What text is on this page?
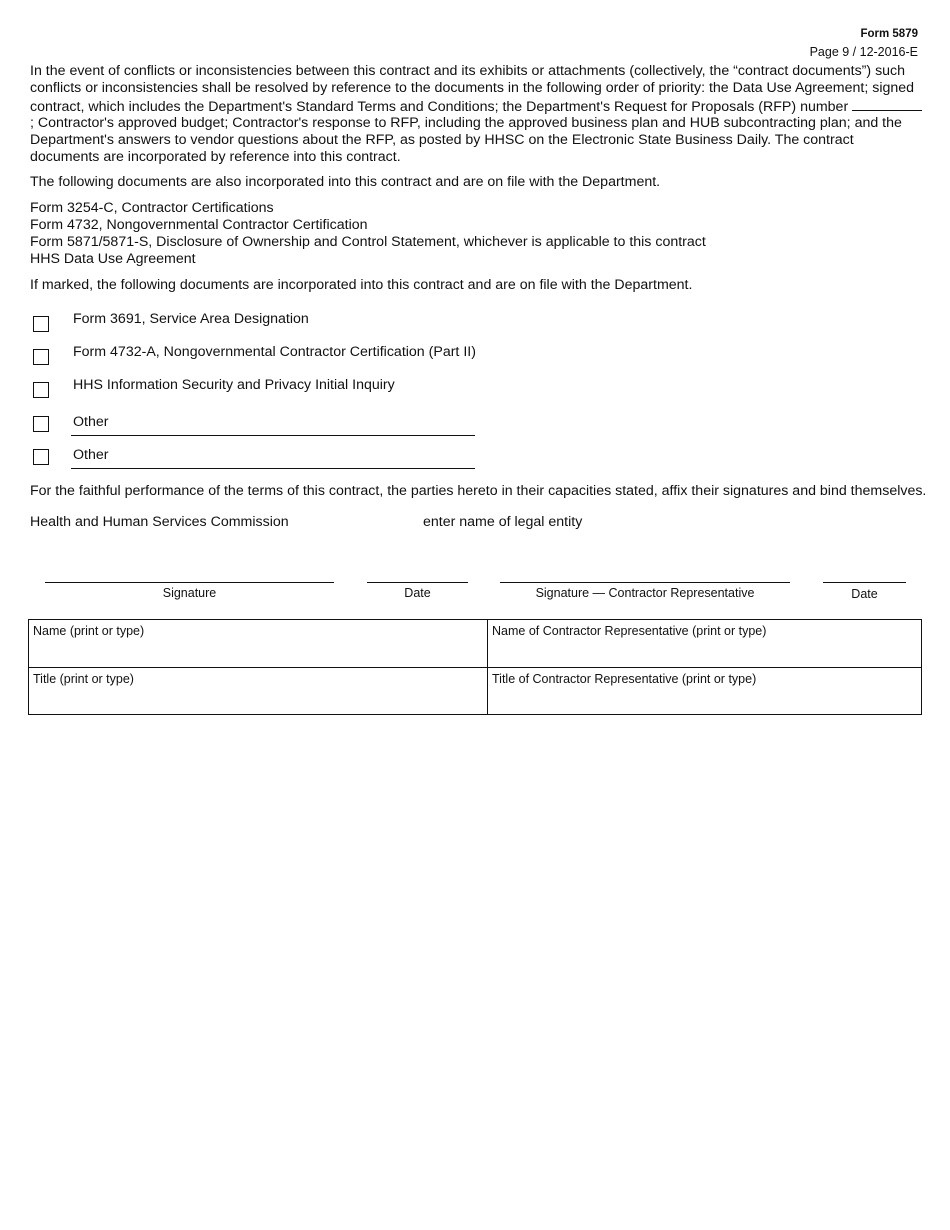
Form 5879
Page 9 / 12-2016-E
In the event of conflicts or inconsistencies between this contract and its exhibits or attachments (collectively, the “contract documents”) such conflicts or inconsistencies shall be resolved by reference to the documents in the following order of priority: the Data Use Agreement; signed contract, which includes the Department's Standard Terms and Conditions; the Department's Request for Proposals (RFP) number ; Contractor's approved budget; Contractor's response to RFP, including the approved business plan and HUB subcontracting plan; and the Department's answers to vendor questions about the RFP, as posted by HHSC on the Electronic State Business Daily. The contract documents are incorporated by reference into this contract.
The following documents are also incorporated into this contract and are on file with the Department.
Form 3254-C, Contractor Certifications
Form 4732, Nongovernmental Contractor Certification
Form 5871/5871-S, Disclosure of Ownership and Control Statement, whichever is applicable to this contract
HHS Data Use Agreement
If marked, the following documents are incorporated into this contract and are on file with the Department.
Form 3691, Service Area Designation
Form 4732-A, Nongovernmental Contractor Certification (Part II)
HHS Information Security and Privacy Initial Inquiry
Other
Other
For the faithful performance of the terms of this contract, the parties hereto in their capacities stated, affix their signatures and bind themselves.
Health and Human Services Commission	enter name of legal entity
Signature	Date	Signature — Contractor Representative	Date
Name (print or type)	Name of Contractor Representative (print or type)
Title (print or type)	Title of Contractor Representative (print or type)
